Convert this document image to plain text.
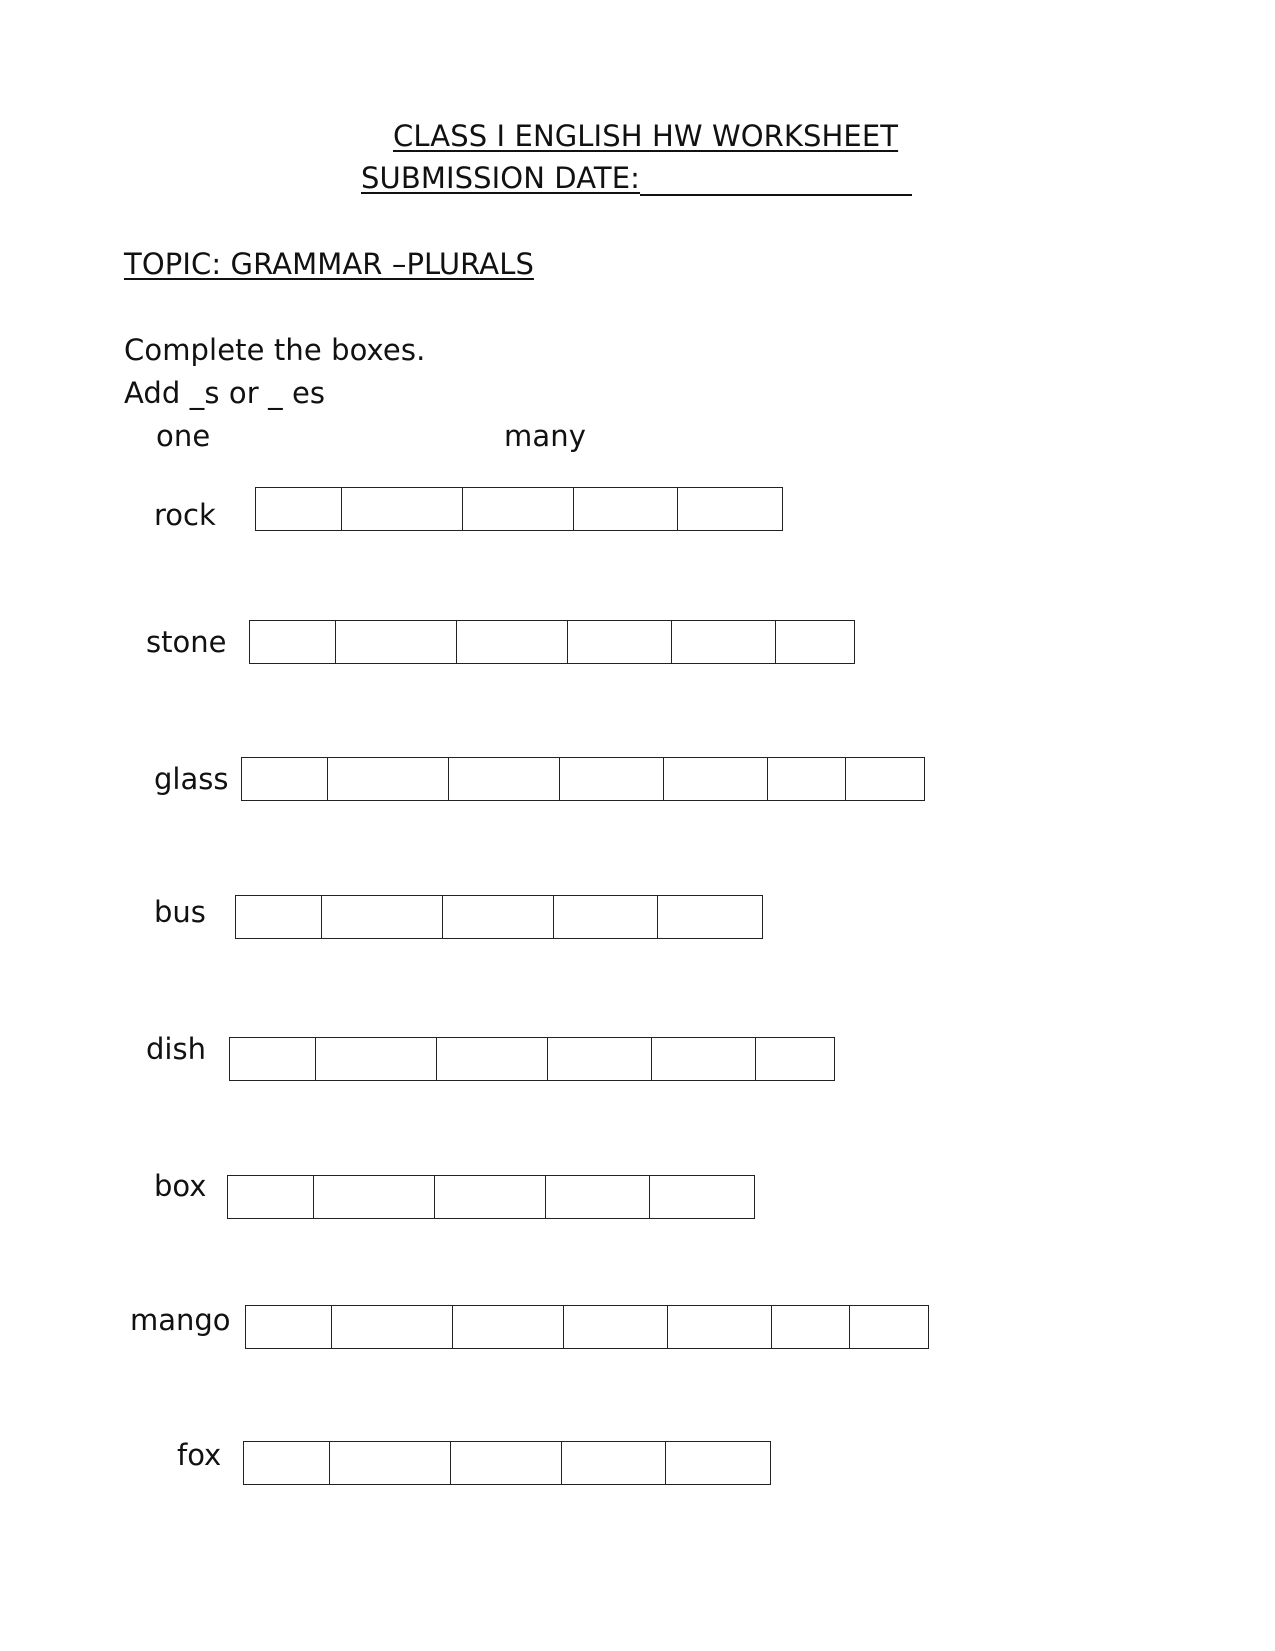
CLASS I ENGLISH HW WORKSHEET
SUBMISSION DATE:
TOPIC: GRAMMAR –PLURALS
Complete the boxes.
Add _s or _ es
one	many
rock
stone
glass
bus
dish
box
mango
fox
